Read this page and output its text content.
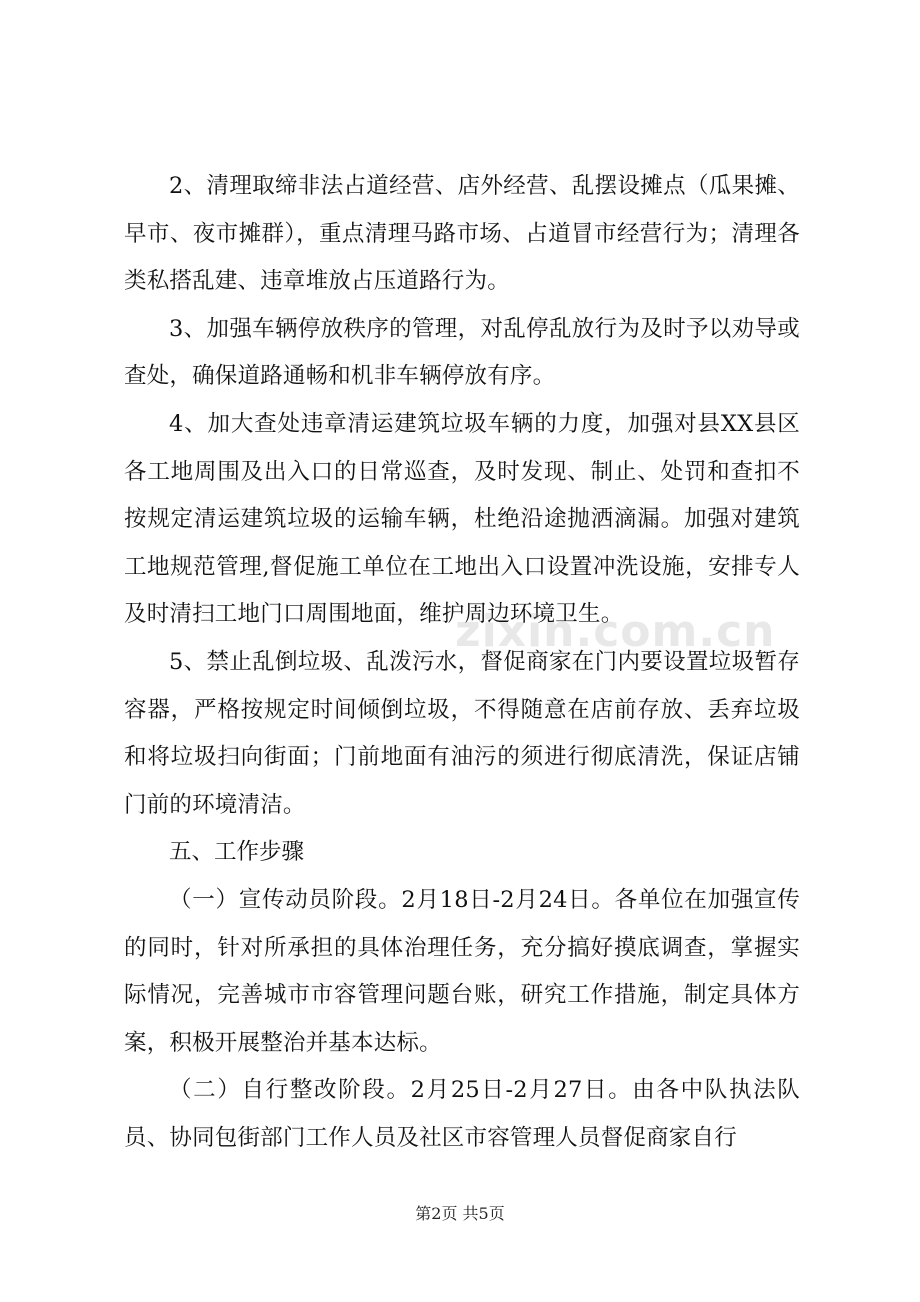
2、清理取缔非法占道经营、店外经营、乱摆设摊点（瓜果摊、早市、夜市摊群），重点清理马路市场、占道冒市经营行为；清理各类私搭乱建、违章堆放占压道路行为。

3、加强车辆停放秩序的管理，对乱停乱放行为及时予以劝导或查处，确保道路通畅和机非车辆停放有序。

4、加大查处违章清运建筑垃圾车辆的力度，加强对县XX县区各工地周围及出入口的日常巡查，及时发现、制止、处罚和查扣不按规定清运建筑垃圾的运输车辆，杜绝沿途抛洒滴漏。加强对建筑工地规范管理,督促施工单位在工地出入口设置冲洗设施，安排专人及时清扫工地门口周围地面，维护周边环境卫生。

5、禁止乱倒垃圾、乱泼污水，督促商家在门内要设置垃圾暂存容器，严格按规定时间倾倒垃圾，不得随意在店前存放、丢弃垃圾和将垃圾扫向街面；门前地面有油污的须进行彻底清洗，保证店铺门前的环境清洁。

五、工作步骤

（一）宣传动员阶段。2月18日-2月24日。各单位在加强宣传的同时，针对所承担的具体治理任务，充分搞好摸底调查，掌握实际情况，完善城市市容管理问题台账，研究工作措施，制定具体方案，积极开展整治并基本达标。

（二）自行整改阶段。2月25日-2月27日。由各中队执法队员、协同包街部门工作人员及社区市容管理人员督促商家自行

zixin.com.cn
第2页 共5页
